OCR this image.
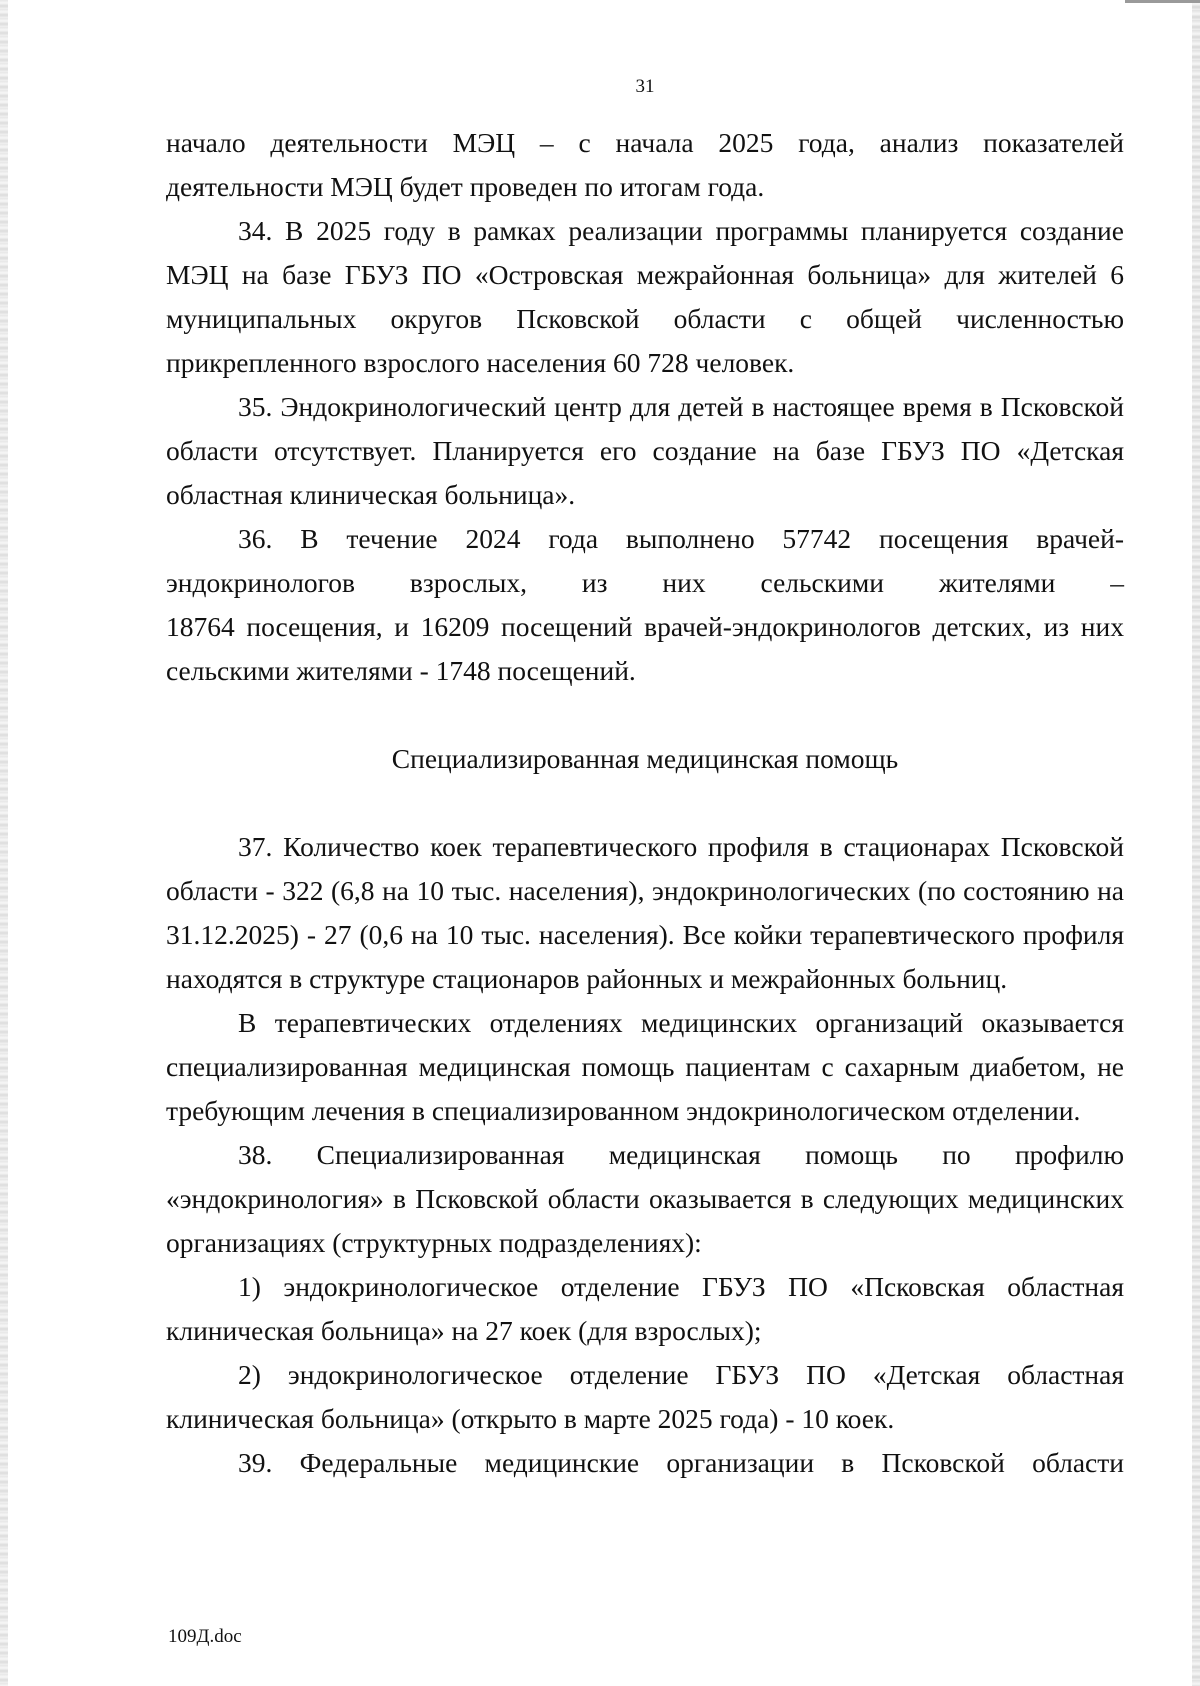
31

начало деятельности МЭЦ – с начала 2025 года, анализ показателей деятельности МЭЦ будет проведен по итогам года.

34. В 2025 году в рамках реализации программы планируется создание МЭЦ на базе ГБУЗ ПО «Островская межрайонная больница» для жителей 6 муниципальных округов Псковской области с общей численностью прикрепленного взрослого населения 60 728 человек.

35. Эндокринологический центр для детей в настоящее время в Псковской области отсутствует. Планируется его создание на базе ГБУЗ ПО «Детская областная клиническая больница».

36. В течение 2024 года выполнено 57742 посещения врачей-

эндокринологов взрослых, из них сельскими жителями –

18764 посещения, и 16209 посещений врачей-эндокринологов детских, из них сельскими жителями - 1748 посещений.

Специализированная медицинская помощь

37. Количество коек терапевтического профиля в стационарах Псковской области - 322 (6,8 на 10 тыс. населения), эндокринологических (по состоянию на 31.12.2025) - 27 (0,6 на 10 тыс. населения). Все койки терапевтического профиля находятся в структуре стационаров районных и межрайонных больниц.

В терапевтических отделениях медицинских организаций оказывается специализированная медицинская помощь пациентам с сахарным диабетом, не требующим лечения в специализированном эндокринологическом отделении.

38. Специализированная медицинская помощь по профилю «эндокринология» в Псковской области оказывается в следующих медицинских организациях (структурных подразделениях):

1) эндокринологическое отделение ГБУЗ ПО «Псковская областная клиническая больница» на 27 коек (для взрослых);

2) эндокринологическое отделение ГБУЗ ПО «Детская областная клиническая больница» (открыто в марте 2025 года) - 10 коек.

39. Федеральные медицинские организации в Псковской области

109Д.doc
